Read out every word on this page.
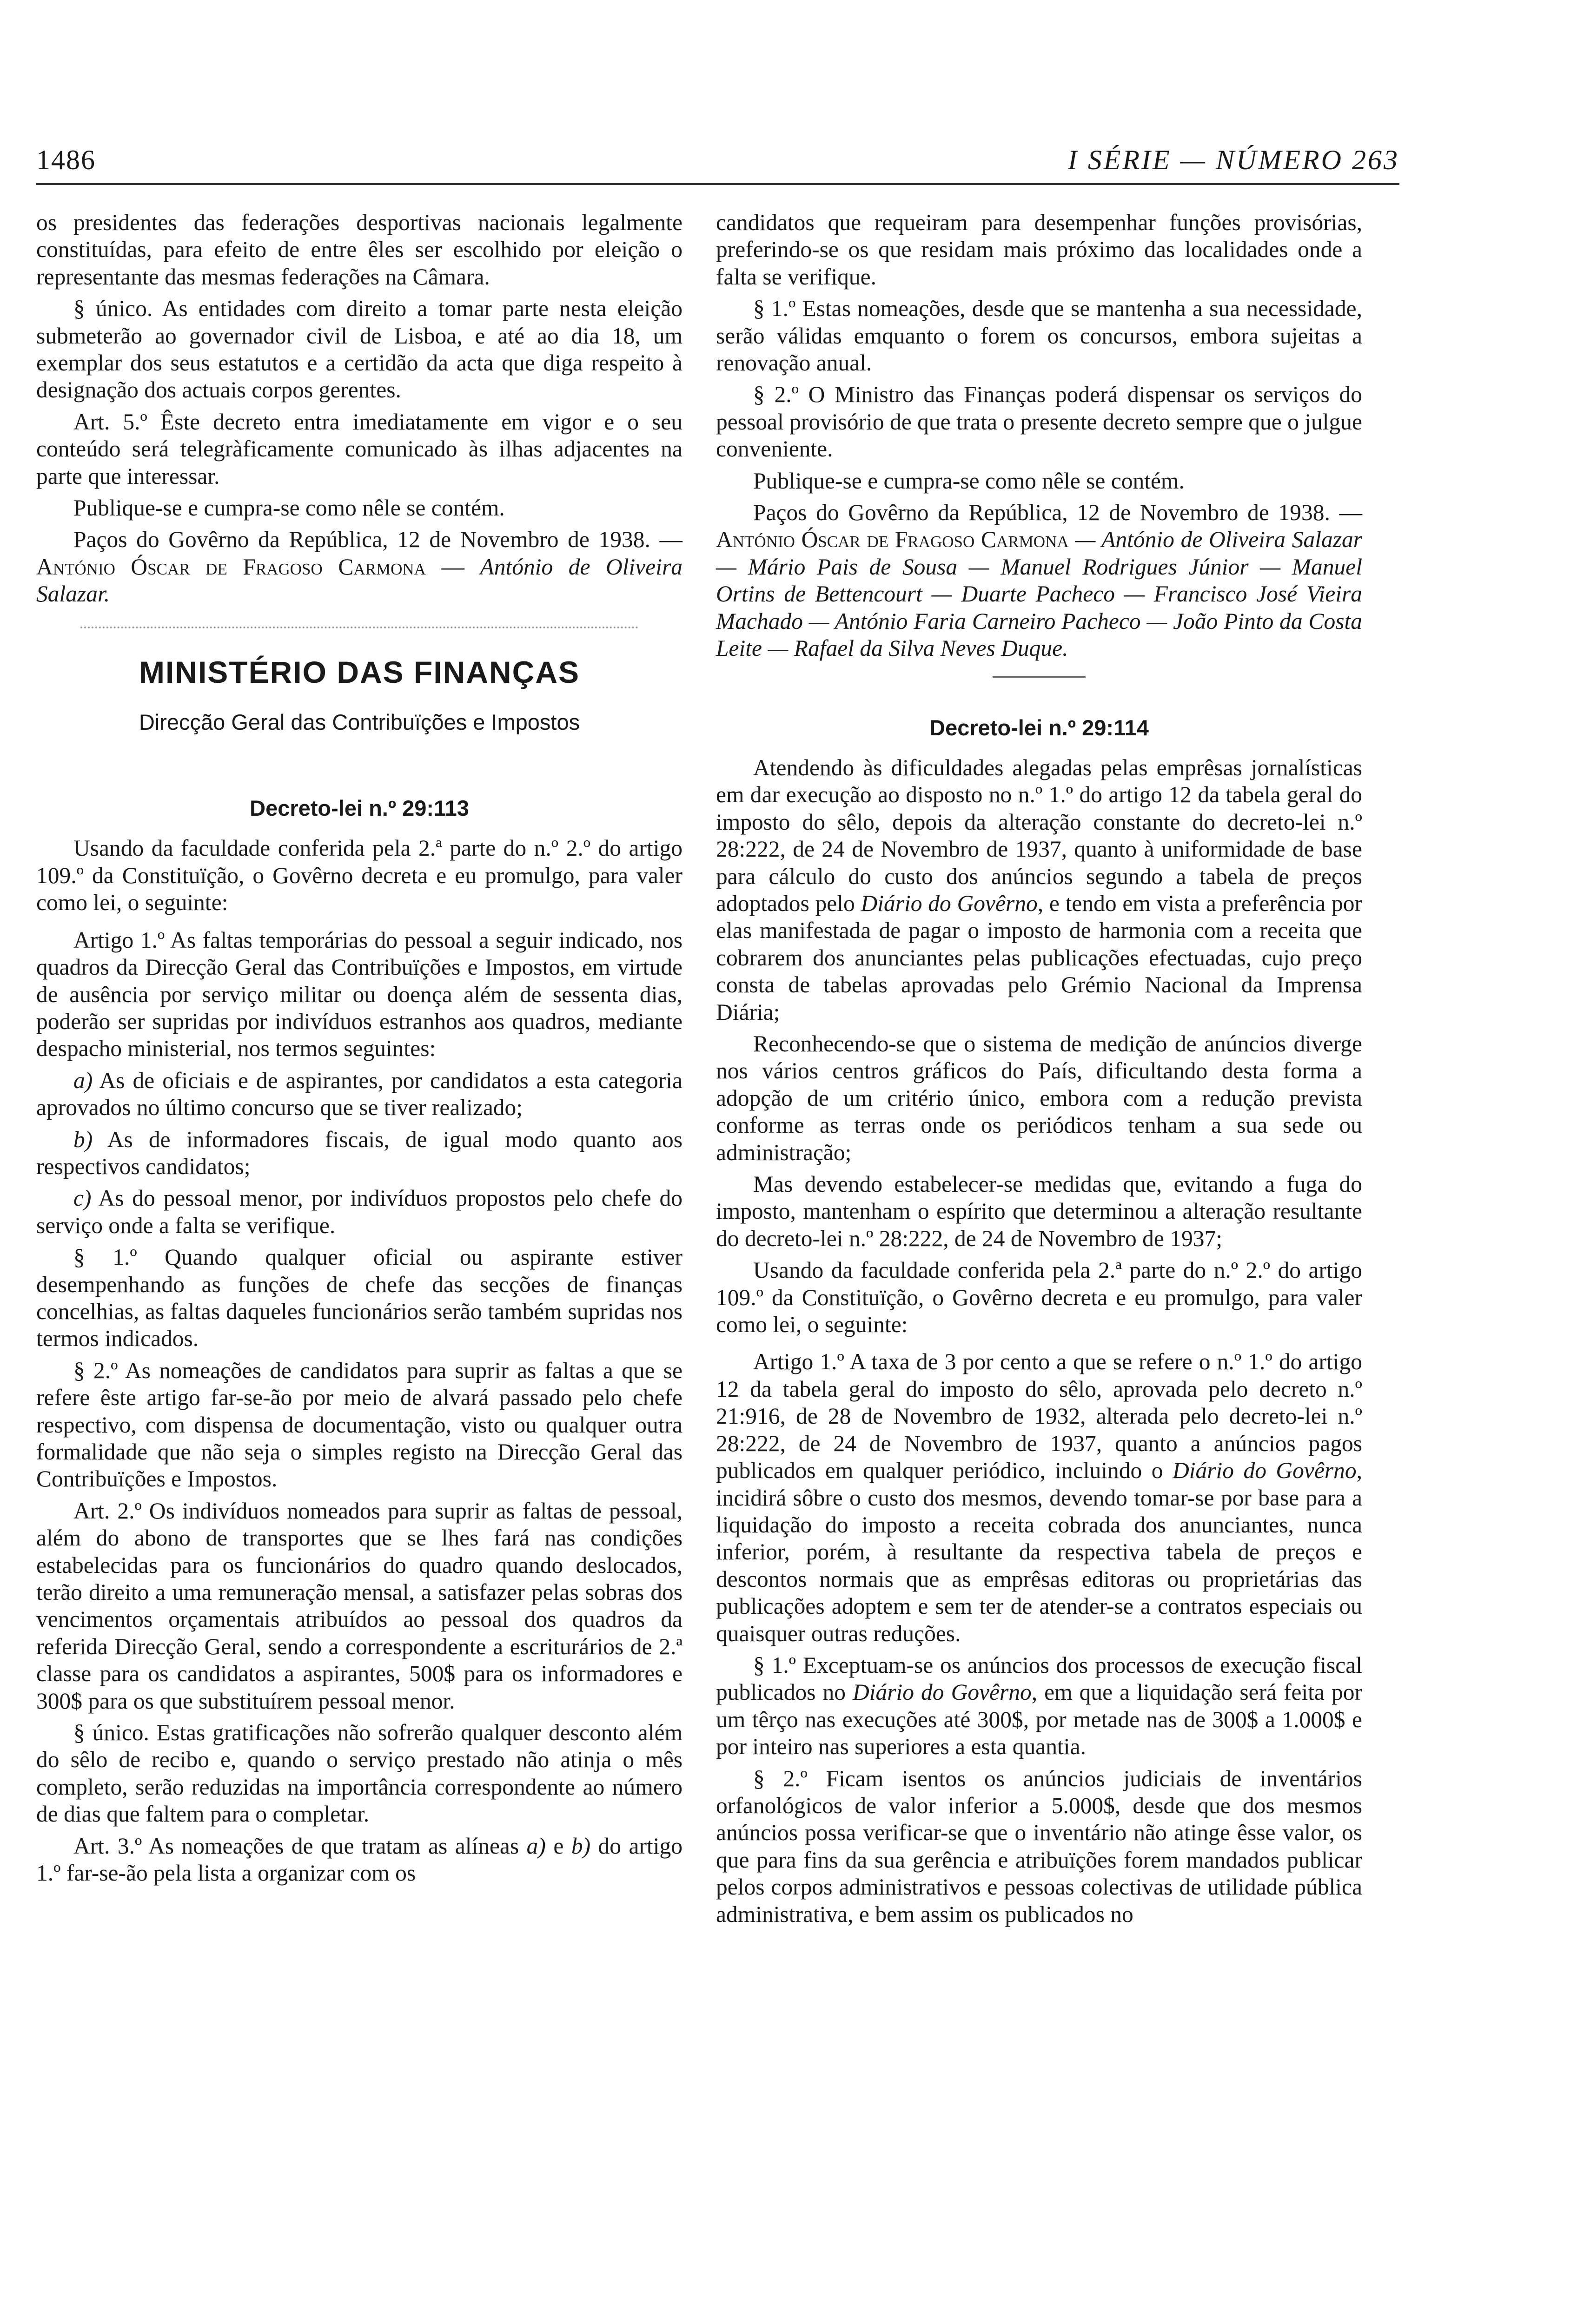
1486	I SÉRIE — NÚMERO 263

os presidentes das federações desportivas nacionais legalmente constituídas, para efeito de entre êles ser escolhido por eleição o representante das mesmas federações na Câmara.

§ único. As entidades com direito a tomar parte nesta eleição submeterão ao governador civil de Lisboa, e até ao dia 18, um exemplar dos seus estatutos e a certidão da acta que diga respeito à designação dos actuais corpos gerentes.

Art. 5.º Êste decreto entra imediatamente em vigor e o seu conteúdo será telegràficamente comunicado às ilhas adjacentes na parte que interessar.

Publique-se e cumpra-se como nêle se contém.

Paços do Govêrno da República, 12 de Novembro de 1938. — António Óscar de Fragoso Carmona — António de Oliveira Salazar.

MINISTÉRIO DAS FINANÇAS
Direcção Geral das Contribuïções e Impostos
Decreto-lei n.º 29:113

Usando da faculdade conferida pela 2.ª parte do n.º 2.º do artigo 109.º da Constituïção, o Govêrno decreta e eu promulgo, para valer como lei, o seguinte:

Artigo 1.º As faltas temporárias do pessoal a seguir indicado, nos quadros da Direcção Geral das Contribuïções e Impostos, em virtude de ausência por serviço militar ou doença além de sessenta dias, poderão ser supridas por indivíduos estranhos aos quadros, mediante despacho ministerial, nos termos seguintes:

a) As de oficiais e de aspirantes, por candidatos a esta categoria aprovados no último concurso que se tiver realizado;

b) As de informadores fiscais, de igual modo quanto aos respectivos candidatos;

c) As do pessoal menor, por indivíduos propostos pelo chefe do serviço onde a falta se verifique.

§ 1.º Quando qualquer oficial ou aspirante estiver desempenhando as funções de chefe das secções de finanças concelhias, as faltas daqueles funcionários serão também supridas nos termos indicados.

§ 2.º As nomeações de candidatos para suprir as faltas a que se refere êste artigo far-se-ão por meio de alvará passado pelo chefe respectivo, com dispensa de documentação, visto ou qualquer outra formalidade que não seja o simples registo na Direcção Geral das Contribuïções e Impostos.

Art. 2.º Os indivíduos nomeados para suprir as faltas de pessoal, além do abono de transportes que se lhes fará nas condições estabelecidas para os funcionários do quadro quando deslocados, terão direito a uma remuneração mensal, a satisfazer pelas sobras dos vencimentos orçamentais atribuídos ao pessoal dos quadros da referida Direcção Geral, sendo a correspondente a escriturários de 2.ª classe para os candidatos a aspirantes, 500$ para os informadores e 300$ para os que substituírem pessoal menor.

§ único. Estas gratificações não sofrerão qualquer desconto além do sêlo de recibo e, quando o serviço prestado não atinja o mês completo, serão reduzidas na importância correspondente ao número de dias que faltem para o completar.

Art. 3.º As nomeações de que tratam as alíneas a) e b) do artigo 1.º far-se-ão pela lista a organizar com os

candidatos que requeiram para desempenhar funções provisórias, preferindo-se os que residam mais próximo das localidades onde a falta se verifique.

§ 1.º Estas nomeações, desde que se mantenha a sua necessidade, serão válidas emquanto o forem os concursos, embora sujeitas a renovação anual.

§ 2.º O Ministro das Finanças poderá dispensar os serviços do pessoal provisório de que trata o presente decreto sempre que o julgue conveniente.

Publique-se e cumpra-se como nêle se contém.

Paços do Govêrno da República, 12 de Novembro de 1938. — António Óscar de Fragoso Carmona — António de Oliveira Salazar — Mário Pais de Sousa — Manuel Rodrigues Júnior — Manuel Ortins de Bettencourt — Duarte Pacheco — Francisco José Vieira Machado — António Faria Carneiro Pacheco — João Pinto da Costa Leite — Rafael da Silva Neves Duque.

Decreto-lei n.º 29:114

Atendendo às dificuldades alegadas pelas emprêsas jornalísticas em dar execução ao disposto no n.º 1.º do artigo 12 da tabela geral do imposto do sêlo, depois da alteração constante do decreto-lei n.º 28:222, de 24 de Novembro de 1937, quanto à uniformidade de base para cálculo do custo dos anúncios segundo a tabela de preços adoptados pelo Diário do Govêrno, e tendo em vista a preferência por elas manifestada de pagar o imposto de harmonia com a receita que cobrarem dos anunciantes pelas publicações efectuadas, cujo preço consta de tabelas aprovadas pelo Grémio Nacional da Imprensa Diária;

Reconhecendo-se que o sistema de medição de anúncios diverge nos vários centros gráficos do País, dificultando desta forma a adopção de um critério único, embora com a redução prevista conforme as terras onde os periódicos tenham a sua sede ou administração;

Mas devendo estabelecer-se medidas que, evitando a fuga do imposto, mantenham o espírito que determinou a alteração resultante do decreto-lei n.º 28:222, de 24 de Novembro de 1937;

Usando da faculdade conferida pela 2.ª parte do n.º 2.º do artigo 109.º da Constituïção, o Govêrno decreta e eu promulgo, para valer como lei, o seguinte:

Artigo 1.º A taxa de 3 por cento a que se refere o n.º 1.º do artigo 12 da tabela geral do imposto do sêlo, aprovada pelo decreto n.º 21:916, de 28 de Novembro de 1932, alterada pelo decreto-lei n.º 28:222, de 24 de Novembro de 1937, quanto a anúncios pagos publicados em qualquer periódico, incluindo o Diário do Govêrno, incidirá sôbre o custo dos mesmos, devendo tomar-se por base para a liquidação do imposto a receita cobrada dos anunciantes, nunca inferior, porém, à resultante da respectiva tabela de preços e descontos normais que as emprêsas editoras ou proprietárias das publicações adoptem e sem ter de atender-se a contratos especiais ou quaisquer outras reduções.

§ 1.º Exceptuam-se os anúncios dos processos de execução fiscal publicados no Diário do Govêrno, em que a liquidação será feita por um têrço nas execuções até 300$, por metade nas de 300$ a 1.000$ e por inteiro nas superiores a esta quantia.

§ 2.º Ficam isentos os anúncios judiciais de inventários orfanológicos de valor inferior a 5.000$, desde que dos mesmos anúncios possa verificar-se que o inventário não atinge êsse valor, os que para fins da sua gerência e atribuïções forem mandados publicar pelos corpos administrativos e pessoas colectivas de utilidade pública administrativa, e bem assim os publicados no
